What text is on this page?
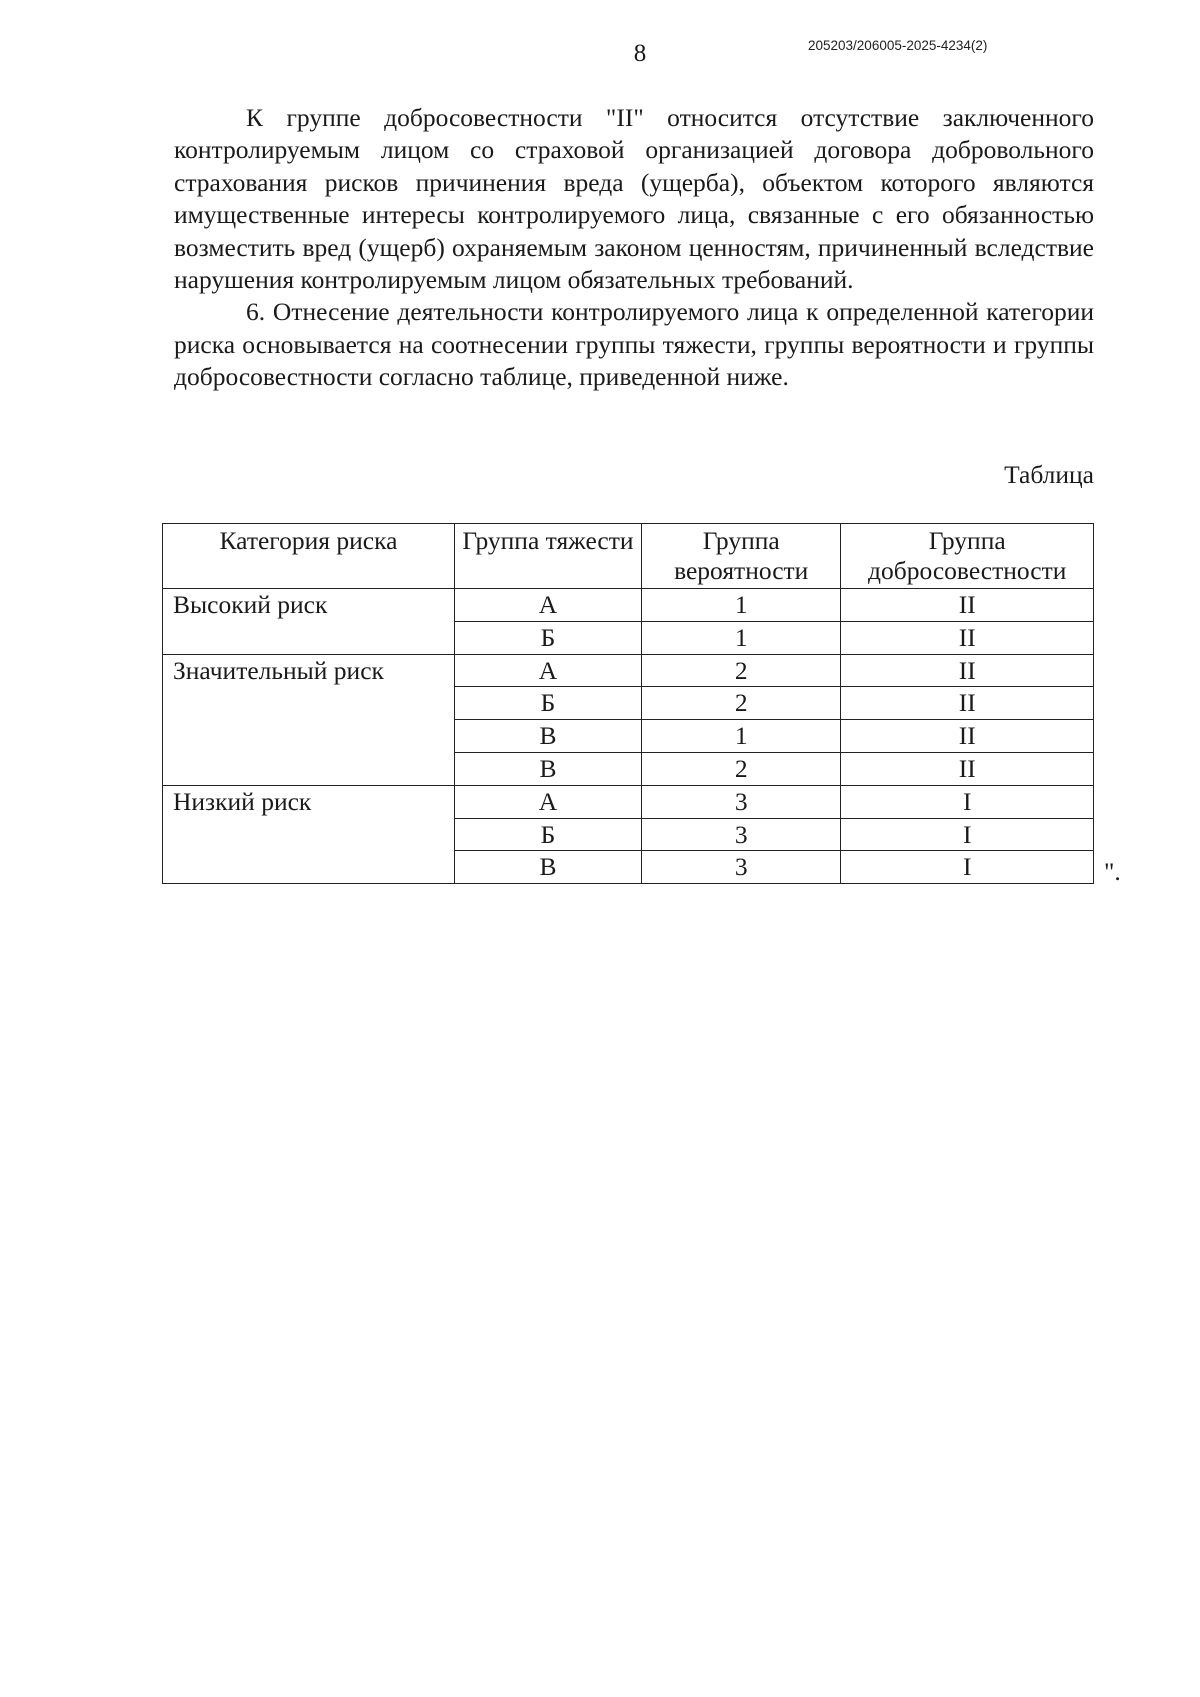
8	205203/206005-2025-4234(2)

К группе добросовестности "II" относится отсутствие заключенного контролируемым лицом со страховой организацией договора добровольного страхования рисков причинения вреда (ущерба), объектом которого являются имущественные интересы контролируемого лица, связанные с его обязанностью возместить вред (ущерб) охраняемым законом ценностям, причиненный вследствие нарушения контролируемым лицом обязательных требований.

6. Отнесение деятельности контролируемого лица к определенной категории риска основывается на соотнесении группы тяжести, группы вероятности и группы добросовестности согласно таблице, приведенной ниже.

Таблица
Категория риска	Группа тяжести	Группа вероятности	Группа добросовестности
Высокий риск	А	1	II
	Б	1	II
Значительный риск	А	2	II
	Б	2	II
	В	1	II
	В	2	II
Низкий риск	А	3	I
	Б	3	I
	В	3	I	".
